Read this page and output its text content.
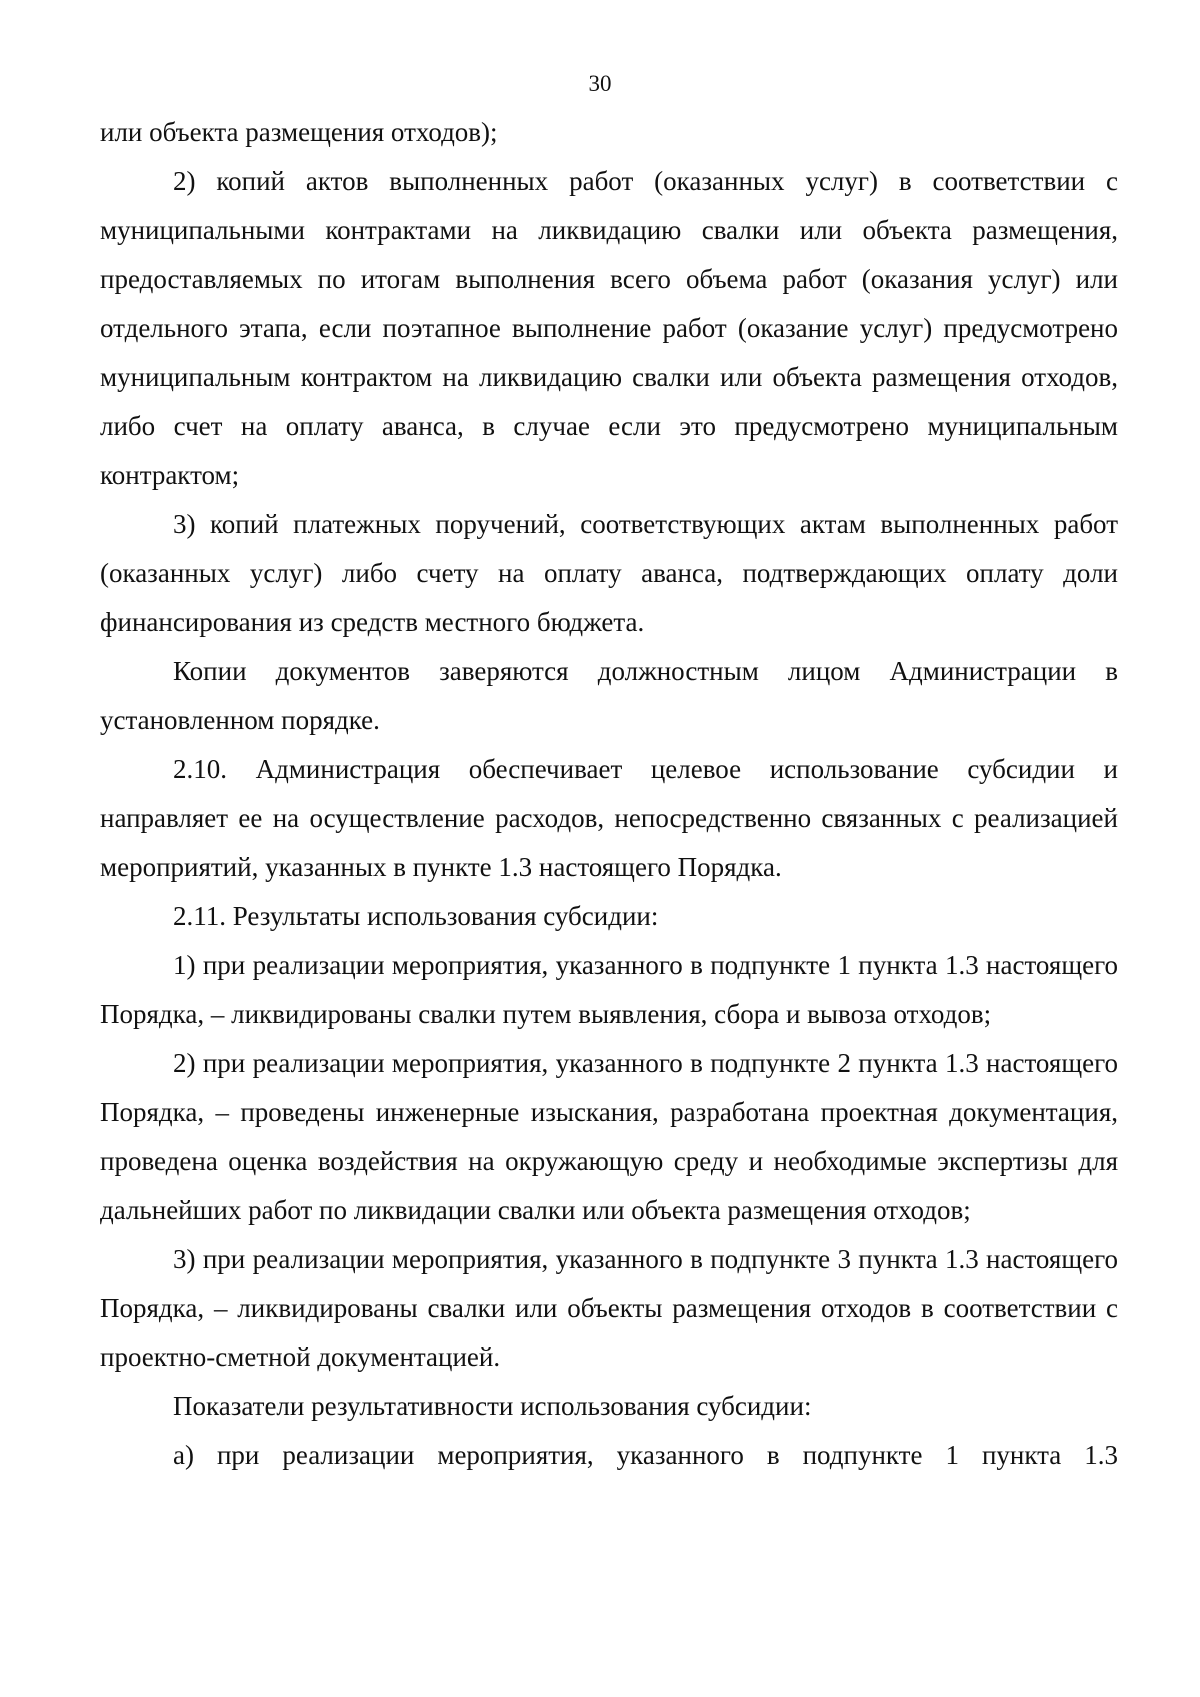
30

или объекта размещения отходов);

2) копий актов выполненных работ (оказанных услуг) в соответствии с муниципальными контрактами на ликвидацию свалки или объекта размещения, предоставляемых по итогам выполнения всего объема работ (оказания услуг) или отдельного этапа, если поэтапное выполнение работ (оказание услуг) предусмотрено муниципальным контрактом на ликвидацию свалки или объекта размещения отходов, либо счет на оплату аванса, в случае если это предусмотрено муниципальным контрактом;

3) копий платежных поручений, соответствующих актам выполненных работ (оказанных услуг) либо счету на оплату аванса, подтверждающих оплату доли финансирования из средств местного бюджета.

Копии документов заверяются должностным лицом Администрации в установленном порядке.

2.10. Администрация обеспечивает целевое использование субсидии и направляет ее на осуществление расходов, непосредственно связанных с реализацией мероприятий, указанных в пункте 1.3 настоящего Порядка.

2.11. Результаты использования субсидии:

1) при реализации мероприятия, указанного в подпункте 1 пункта 1.3 настоящего Порядка, – ликвидированы свалки путем выявления, сбора и вывоза отходов;

2) при реализации мероприятия, указанного в подпункте 2 пункта 1.3 настоящего Порядка, – проведены инженерные изыскания, разработана проектная документация, проведена оценка воздействия на окружающую среду и необходимые экспертизы для дальнейших работ по ликвидации свалки или объекта размещения отходов;

3) при реализации мероприятия, указанного в подпункте 3 пункта 1.3 настоящего Порядка, – ликвидированы свалки или объекты размещения отходов в соответствии с проектно-сметной документацией.

Показатели результативности использования субсидии:

а) при реализации мероприятия, указанного в подпункте 1 пункта 1.3
